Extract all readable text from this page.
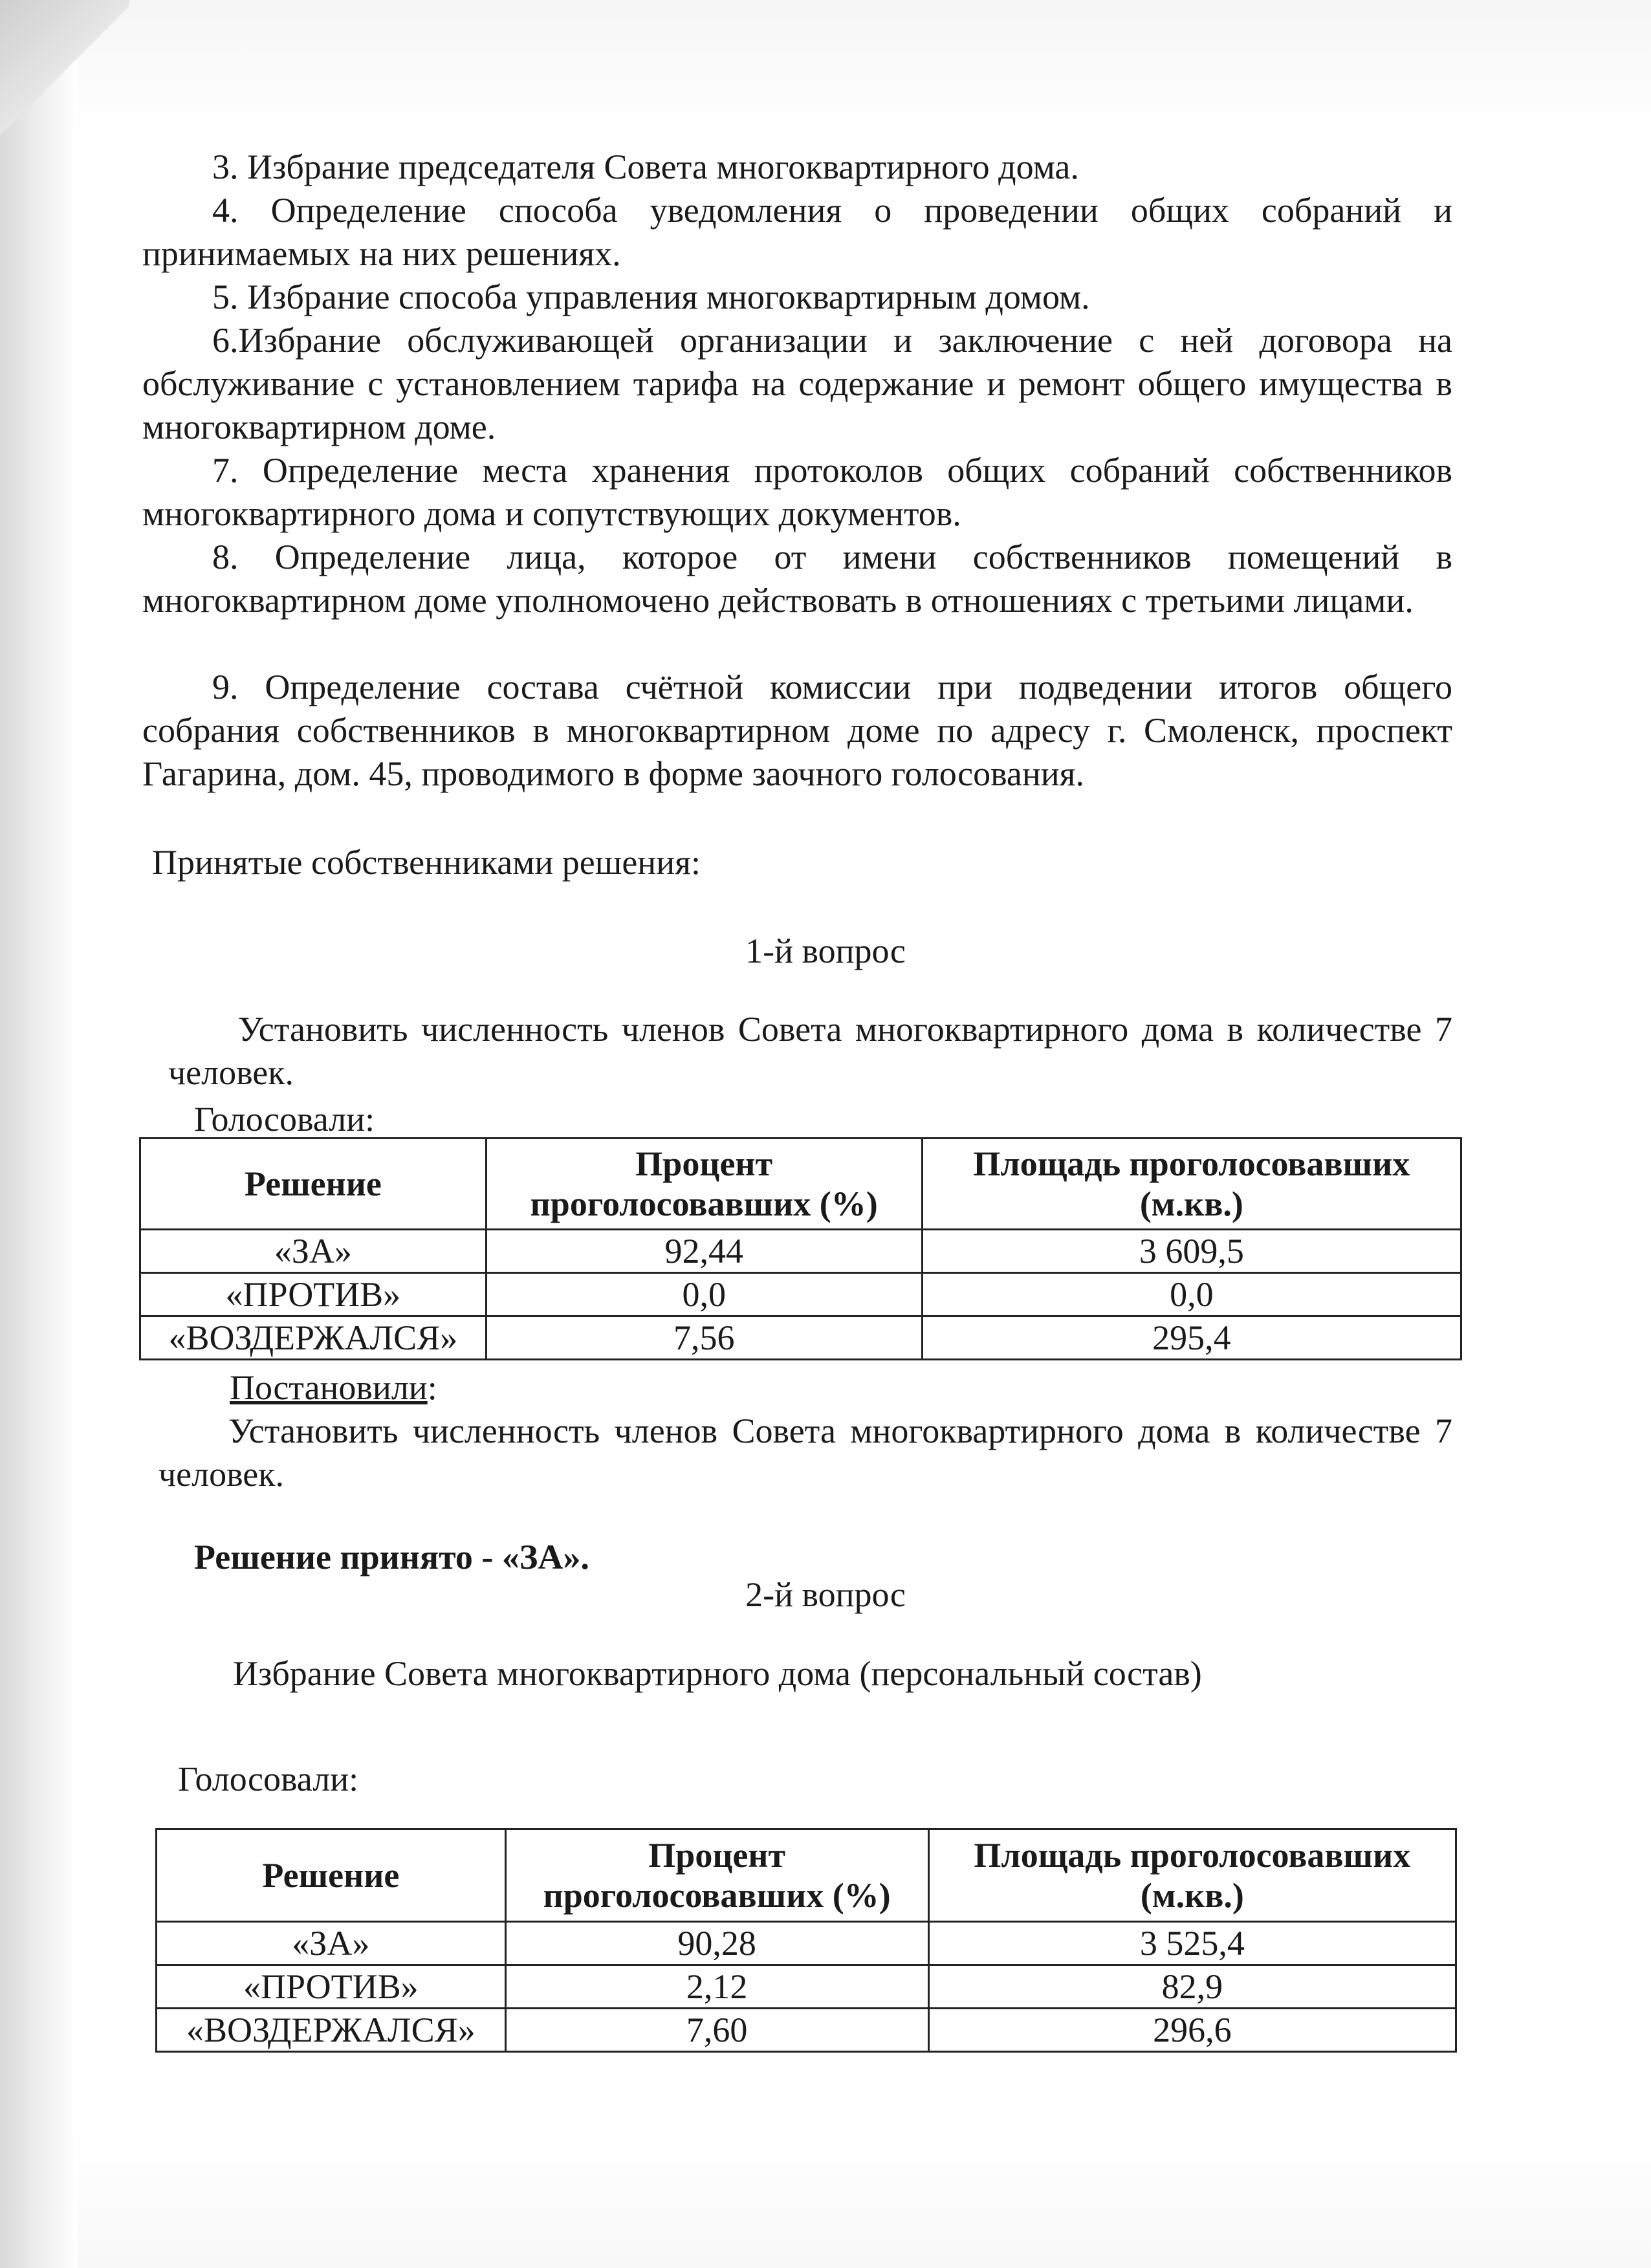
3. Избрание председателя Совета многоквартирного дома.
4. Определение способа уведомления о проведении общих собраний и принимаемых на них решениях.
5. Избрание способа управления многоквартирным домом.
6.Избрание обслуживающей организации и заключение с ней договора на обслуживание с установлением тарифа на содержание и ремонт общего имущества в многоквартирном доме.
7. Определение места хранения протоколов общих собраний собственников многоквартирного дома и сопутствующих документов.
8. Определение лица, которое от имени собственников помещений в многоквартирном доме уполномочено действовать в отношениях с третьими лицами.
9. Определение состава счётной комиссии при подведении итогов общего собрания собственников в многоквартирном доме по адресу г. Смоленск, проспект Гагарина, дом. 45, проводимого в форме заочного голосования.
Принятые собственниками решения:
1-й вопрос
Установить численность членов Совета многоквартирного дома в количестве 7 человек.
Голосовали:
Решение	Процент проголосовавших (%)	Площадь проголосовавших (м.кв.)
«ЗА»	92,44	3 609,5
«ПРОТИВ»	0,0	0,0
«ВОЗДЕРЖАЛСЯ»	7,56	295,4
Постановили:
Установить численность членов Совета многоквартирного дома в количестве 7 человек.
Решение принято - «ЗА».
2-й вопрос
Избрание Совета многоквартирного дома (персональный состав)
Голосовали:
Решение	Процент проголосовавших (%)	Площадь проголосовавших (м.кв.)
«ЗА»	90,28	3 525,4
«ПРОТИВ»	2,12	82,9
«ВОЗДЕРЖАЛСЯ»	7,60	296,6
